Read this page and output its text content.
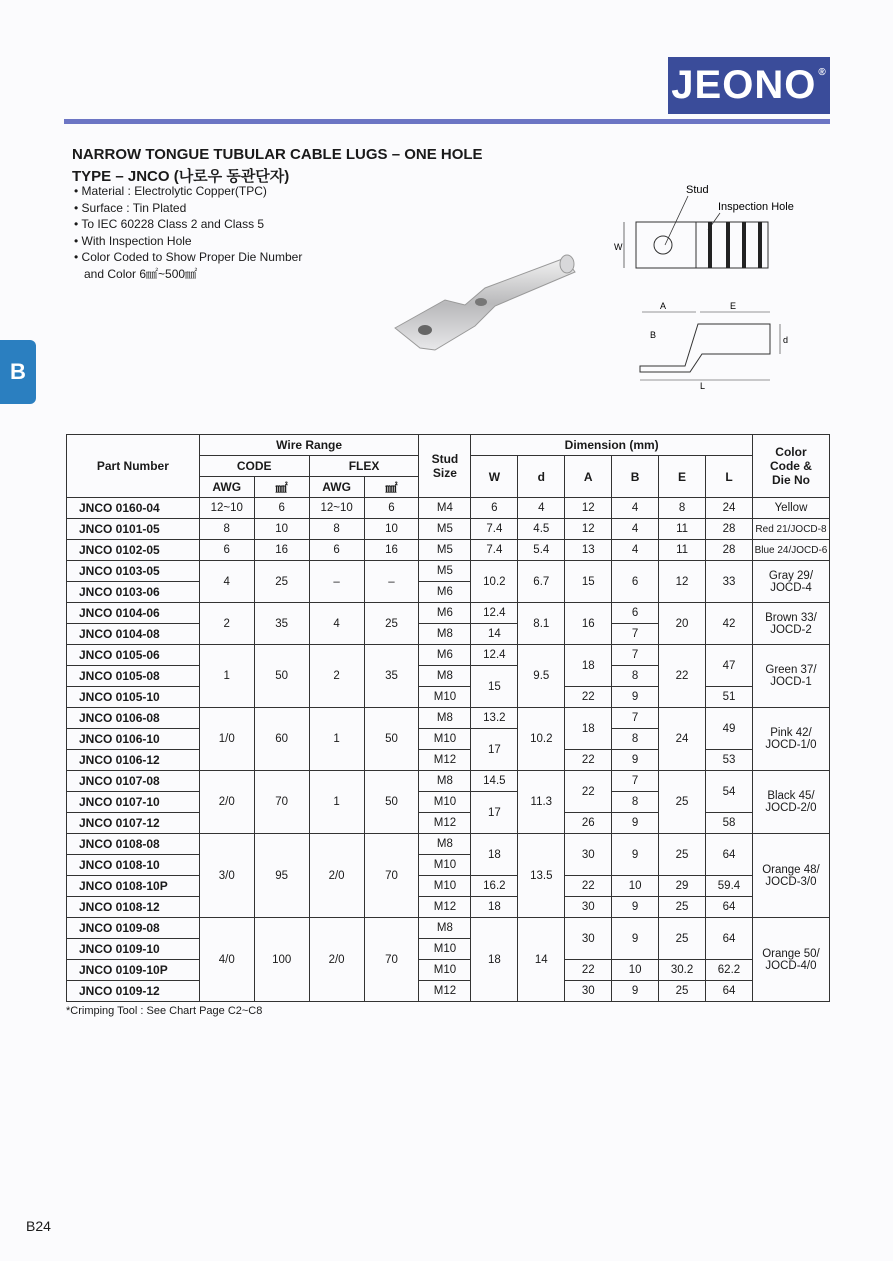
JEONO®
NARROW TONGUE TUBULAR CABLE LUGS – ONE HOLE
TYPE – JNCO (나로우 동관단자)
• Material : Electrolytic Copper(TPC)
• Surface : Tin Plated
• To IEC 60228 Class 2 and Class 5
• With Inspection Hole
• Color Coded to Show Proper Die Number
and Color 6㎟~500㎟
B
Stud
Inspection Hole
W
A	E
B	d
L
Part Number	Wire Range				Stud
Size	Dimension (mm)						Color
Code &
Die No
	CODE		FLEX			W	d	A	B	E	L	
	AWG	㎟	AWG	㎟								
JNCO 0160-04	12~10	6	12~10	6	M4	6	4	12	4	8	24	Yellow
JNCO 0101-05	8	10	8	10	M5	7.4	4.5	12	4	11	28	Red 21/JOCD-8
JNCO 0102-05	6	16	6	16	M5	7.4	5.4	13	4	11	28	Blue 24/JOCD-6
JNCO 0103-05	4	25	–	–	M5	10.2	6.7	15	6	12	33	Gray 29/
JOCD-4
JNCO 0103-06					M6							
JNCO 0104-06	2	35	4	25	M6	12.4	8.1	16	6	20	42	Brown 33/
JOCD-2
JNCO 0104-08					M8	14			7			
JNCO 0105-06	1	50	2	35	M6	12.4	9.5	18	7	22	47	Green 37/
JOCD-1
JNCO 0105-08					M8	15			8			
JNCO 0105-10					M10			22	9		51	
JNCO 0106-08	1/0	60	1	50	M8	13.2	10.2	18	7	24	49	Pink 42/
JOCD-1/0
JNCO 0106-10					M10	17			8			
JNCO 0106-12					M12			22	9		53	
JNCO 0107-08	2/0	70	1	50	M8	14.5	11.3	22	7	25	54	Black 45/
JOCD-2/0
JNCO 0107-10					M10	17			8			
JNCO 0107-12					M12			26	9		58	
JNCO 0108-08	3/0	95	2/0	70	M8	18	13.5	30	9	25	64	Orange 48/
JOCD-3/0
JNCO 0108-10					M10							
JNCO 0108-10P					M10	16.2		22	10	29	59.4	
JNCO 0108-12					M12	18		30	9	25	64	
JNCO 0109-08	4/0	100	2/0	70	M8	18	14	30	9	25	64	Orange 50/
JOCD-4/0
JNCO 0109-10					M10							
JNCO 0109-10P					M10			22	10	30.2	62.2	
JNCO 0109-12					M12			30	9	25	64	
*Crimping Tool : See Chart Page C2~C8
B24
